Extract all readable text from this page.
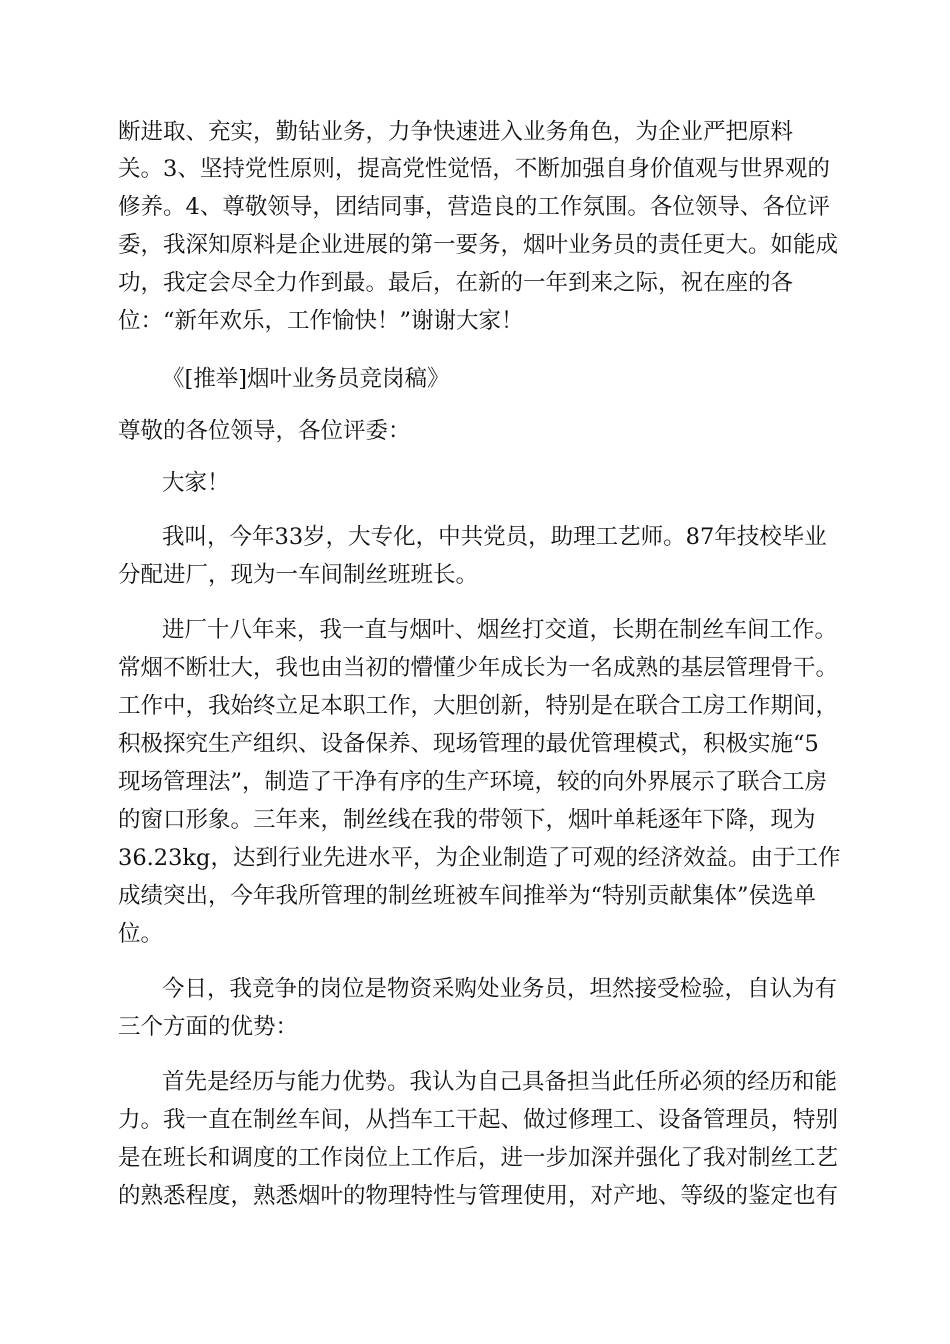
断进取、充实，勤钻业务，力争快速进入业务角色，为企业严把原料
关。3、坚持党性原则，提高党性觉悟，不断加强自身价值观与世界观的
修养。4、尊敬领导，团结同事，营造良的工作氛围。各位领导、各位评
委，我深知原料是企业进展的第一要务，烟叶业务员的责任更大。如能成
功，我定会尽全力作到最。最后，在新的一年到来之际，祝在座的各
位：“新年欢乐，工作愉快！”谢谢大家！
《[推举]烟叶业务员竞岗稿》
尊敬的各位领导，各位评委：
大家！
我叫，今年33岁，大专化，中共党员，助理工艺师。87年技校毕业
分配进厂，现为一车间制丝班班长。
进厂十八年来，我一直与烟叶、烟丝打交道，长期在制丝车间工作。
常烟不断壮大，我也由当初的懵懂少年成长为一名成熟的基层管理骨干。
工作中，我始终立足本职工作，大胆创新，特别是在联合工房工作期间，
积极探究生产组织、设备保养、现场管理的最优管理模式，积极实施“5
现场管理法”，制造了干净有序的生产环境，较的向外界展示了联合工房
的窗口形象。三年来，制丝线在我的带领下，烟叶单耗逐年下降，现为
36.23kg，达到行业先进水平，为企业制造了可观的经济效益。由于工作
成绩突出，今年我所管理的制丝班被车间推举为“特别贡献集体”侯选单
位。
今日，我竞争的岗位是物资采购处业务员，坦然接受检验，自认为有
三个方面的优势：
首先是经历与能力优势。我认为自己具备担当此任所必须的经历和能
力。我一直在制丝车间，从挡车工干起、做过修理工、设备管理员，特别
是在班长和调度的工作岗位上工作后，进一步加深并强化了我对制丝工艺
的熟悉程度，熟悉烟叶的物理特性与管理使用，对产地、等级的鉴定也有
